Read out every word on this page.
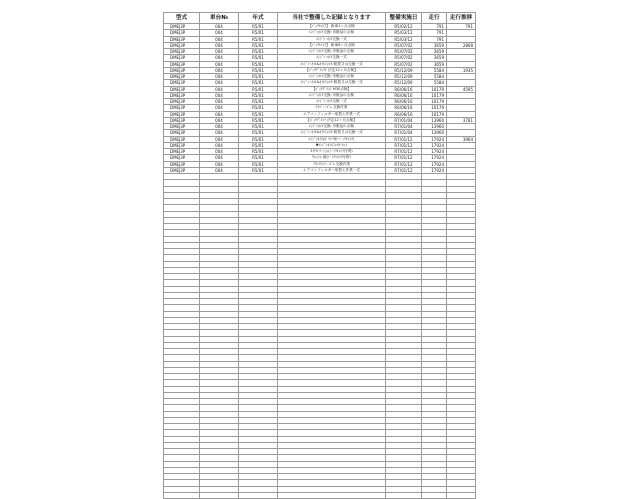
型式	車台№	年式	当社で整備した記録となります	整備実施日	走行	走行推移
DMEJ3P	004	R5/01	【ﾍﾞｯｸﾙﾒﾝﾃ】 新車1ヶ月点検	R5/02/12	791	791
DMEJ3P	004	R5/01	ｴﾝｼﾞﾝｵｲﾙ交換･市販品の点検	R5/03/12	791	
DMEJ3P	004	R5/01	ｴﾝｼﾞﾝ･ｵｲﾙ交換一式	R5/03/12	791	
DMEJ3P	004	R5/01	【ﾍﾞｯｸﾙﾒﾝﾃ】 新車6ヶ月点検	R5/07/02	3659	2868
DMEJ3P	004	R5/01	ｴﾝｼﾞﾝｵｲﾙ交換･市販品の点検	R5/07/02	3659	
DMEJ3P	004	R5/01	ｴﾝｼﾞﾝ･ｵｲﾙ交換一式	R5/07/02	3659	
DMEJ3P	004	R5/01	ｴﾝｼﾞﾝ･ｵｲﾙ&ｵｲﾙﾌｨﾙﾀｰ脱着又は交換一式	R5/07/02	3659	
DMEJ3P	004	R5/01	【ﾊﾟｯｸﾃﾞﾒﾝﾃﾅ 法定12ヶ月点検】	R5/12/09	5584	1935
DMEJ3P	004	R5/01	ｴﾝｼﾞﾝｵｲﾙ交換･市販品の点検	R5/12/09	5584	
DMEJ3P	004	R5/01	ｴﾝｼﾞﾝ･ｵｲﾙ&ｵｲﾙﾌｨﾙﾀｰ脱着又は交換一式	R5/12/09	5584	
DMEJ3P	004	R5/01	【ﾊﾟｯｸﾃﾞﾒﾝﾃ M30点検】	R6/06/16	10179	4595
DMEJ3P	004	R5/01	ｴﾝｼﾞﾝｵｲﾙ交換･市販品の点検	R6/06/16	10179	
DMEJ3P	004	R5/01	ｴﾝｼﾞﾝ･ｵｲﾙ交換一式	R6/06/16	10179	
DMEJ3P	004	R5/01	ﾜｲﾊﾟｰ･ｺﾞﾑ 交換作業	R6/06/16	10179	
DMEJ3P	004	R5/01	エアコンフィルター取替え作業一式	R6/06/16	10179	
DMEJ3P	004	R5/01	【ﾊﾟｯｸﾃﾞﾒﾝﾃ 法定12ヶ月点検】	R7/01/04	13960	3781
DMEJ3P	004	R5/01	ｴﾝｼﾞﾝｵｲﾙ交換･市販品の点検	R7/01/04	13960	
DMEJ3P	004	R5/01	ｴﾝｼﾞﾝ･ｵｲﾙ&ｵｲﾙﾌｨﾙﾀｰ脱着又は交換一式	R7/01/04	13960	
DMEJ3P	004	R5/01	ｴﾝｼﾞﾝｵｲﾙ(ﾎﾟﾘﾏｰ保･ﾍﾟｯｸﾙﾒﾝﾃ)	R7/01/12	17924	3964
DMEJ3P	004	R5/01	▼ｴﾝｼﾞﾝｵｲﾙﾌｨﾙﾀｰｾｯﾄ	R7/01/12	17924	
DMEJ3P	004	R5/01	ﾀｲﾔﾛｰﾃｰｼｮﾝ(ﾍﾞｯｸﾙﾒﾝﾃ付帯)	R7/01/12	17924	
DMEJ3P	004	R5/01	ｳｫｯｼｬｰ液(ﾍﾞｯｸﾙﾒﾝﾃ付帯)	R7/01/12	17924	
DMEJ3P	004	R5/01	ﾌﾛﾝﾄﾜｲﾊﾟｰｺﾞﾑ 交換作業	R7/01/12	17924	
DMEJ3P	004	R5/01	エアコンフィルター取替え作業一式	R7/01/12	17924	
